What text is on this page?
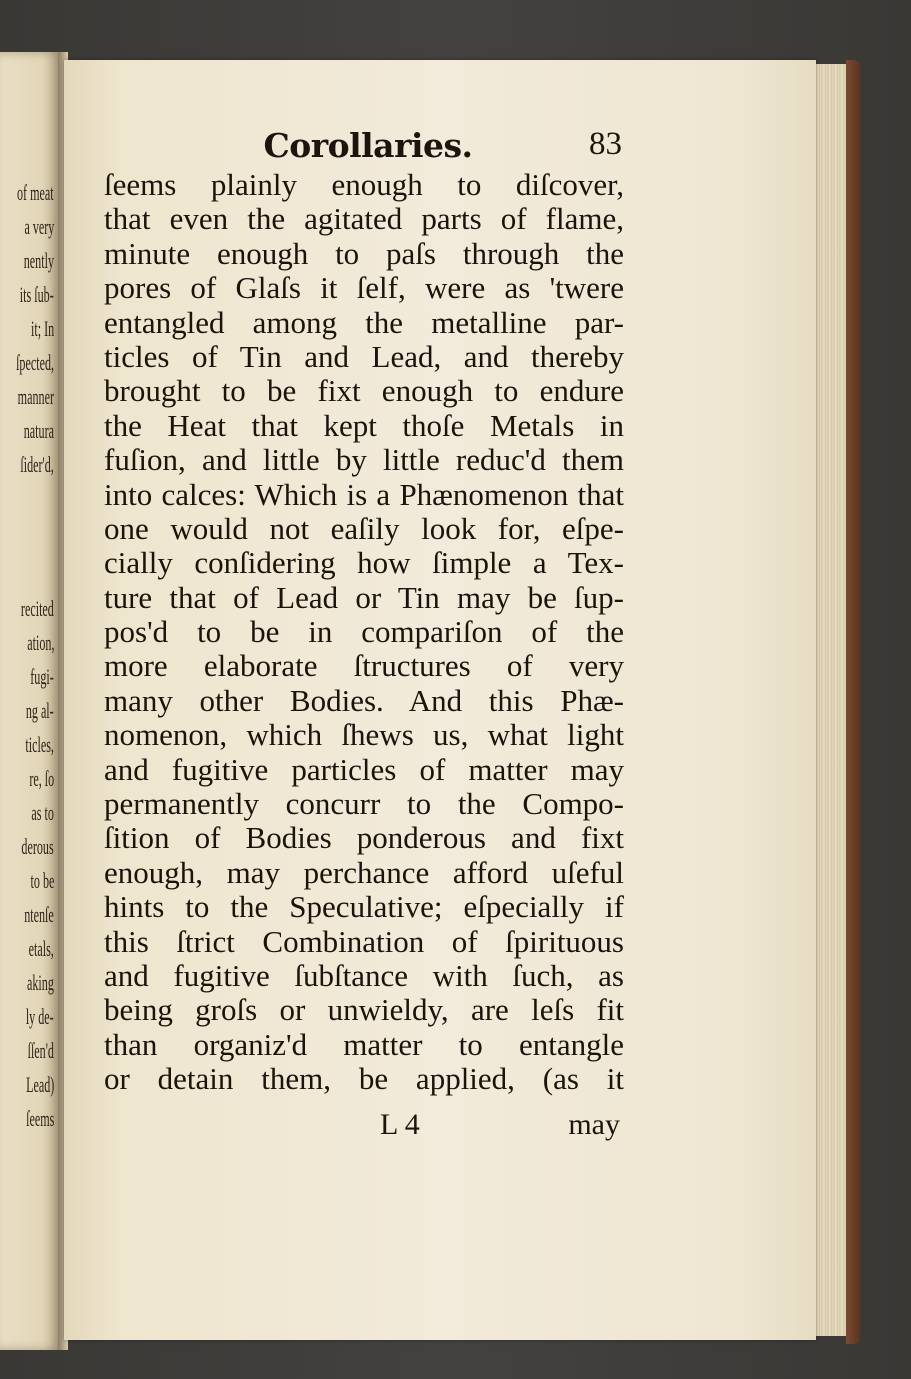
of meat
a very
nently
its ſub-
it; In
ſpected,
manner
natura
ſider'd,
recited
ation,
fugi-
ng al-
ticles,
re, ſo
as to
derous
to be
ntenſe
etals,
aking
ly de-
ſſen'd
Lead)
ſeems
Corollaries.	83
ſeems plainly enough to diſcover,
that even the agitated parts of flame,
minute enough to paſs through the
pores of Glaſs it ſelf, were as 'twere
entangled among the metalline par-
ticles of Tin and Lead, and thereby
brought to be fixt enough to endure
the Heat that kept thoſe Metals in
fuſion, and little by little reduc'd them
into calces: Which is a Phænomenon that
one would not eaſily look for, eſpe-
cially conſidering how ſimple a Tex-
ture that of Lead or Tin may be ſup-
pos'd to be in compariſon of the
more elaborate ſtructures of very
many other Bodies. And this Phæ-
nomenon, which ſhews us, what light
and fugitive particles of matter may
permanently concurr to the Compo-
ſition of Bodies ponderous and fixt
enough, may perchance afford uſeful
hints to the Speculative; eſpecially if
this ſtrict Combination of ſpirituous
and fugitive ſubſtance with ſuch, as
being groſs or unwieldy, are leſs fit
than organiz'd matter to entangle
or detain them, be applied, (as it
L 4	may
